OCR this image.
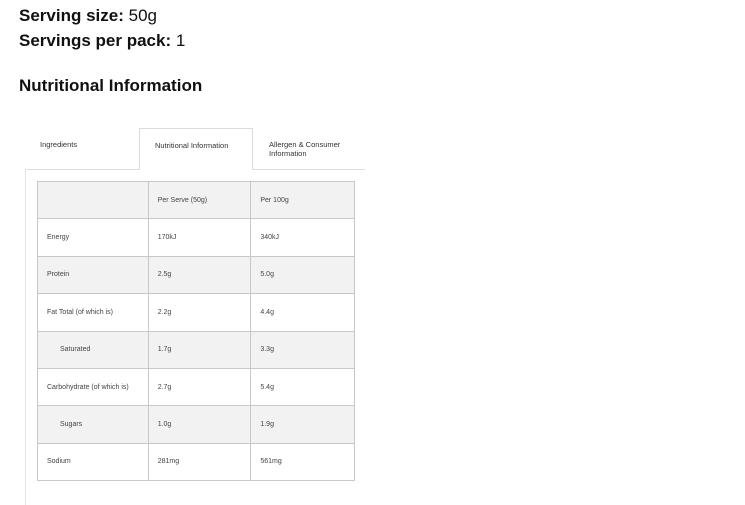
Serving size: 50g
Servings per pack: 1
Nutritional Information
Ingredients	Nutritional Information	Allergen & Consumer
Information
	Per Serve (50g)	Per 100g
Energy	170kJ	340kJ
Protein	2.5g	5.0g
Fat Total (of which is)	2.2g	4.4g
Saturated	1.7g	3.3g
Carbohydrate (of which is)	2.7g	5.4g
Sugars	1.0g	1.9g
Sodium	281mg	561mg
